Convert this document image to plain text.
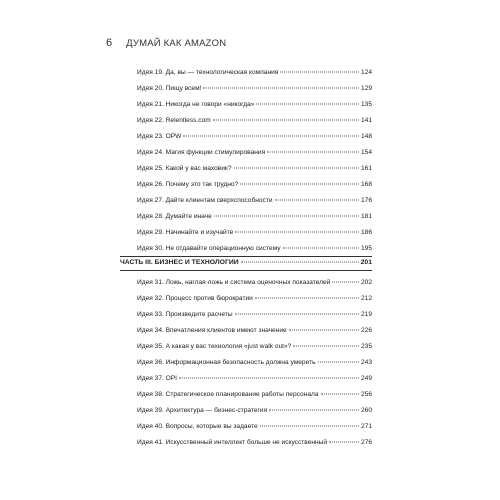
6 ДУМАЙ КАК AMAZON
Идея 19. Да, вы — технологическая компания	124
Идея 20. Пищу всем!	129
Идея 21. Никогда не говори «никогда»	135
Идея 22. Relentless.com	141
Идея 23. OPW	148
Идея 24. Магия функции стимулирования	154
Идея 25. Какой у вас маховик?	161
Идея 26. Почему это так трудно?	168
Идея 27. Дайте клиентам сверхспособности	176
Идея 28. Думайте иначе	181
Идея 29. Начинайте и изучайте	186
Идея 30. Не отдавайте операционную систему	195
ЧАСТЬ III. БИЗНЕС И ТЕХНОЛОГИИ	201
Идея 31. Ложь, наглая ложь и система оценочных показателей	202
Идея 32. Процесс против бюрократии	212
Идея 33. Произведите расчеты	219
Идея 34. Впечатления клиентов имеют значение	226
Идея 35. А какая у вас технология «just walk out»?	235
Идея 36. Информационная безопасность должна умереть	243
Идея 37. OPI	249
Идея 38. Стратегическое планирование работы персонала	256
Идея 39. Архитектура — бизнес-стратегия	260
Идея 40. Вопросы, которые вы задаете	271
Идея 41. Искусственный интеллект больше не искусственный	276
